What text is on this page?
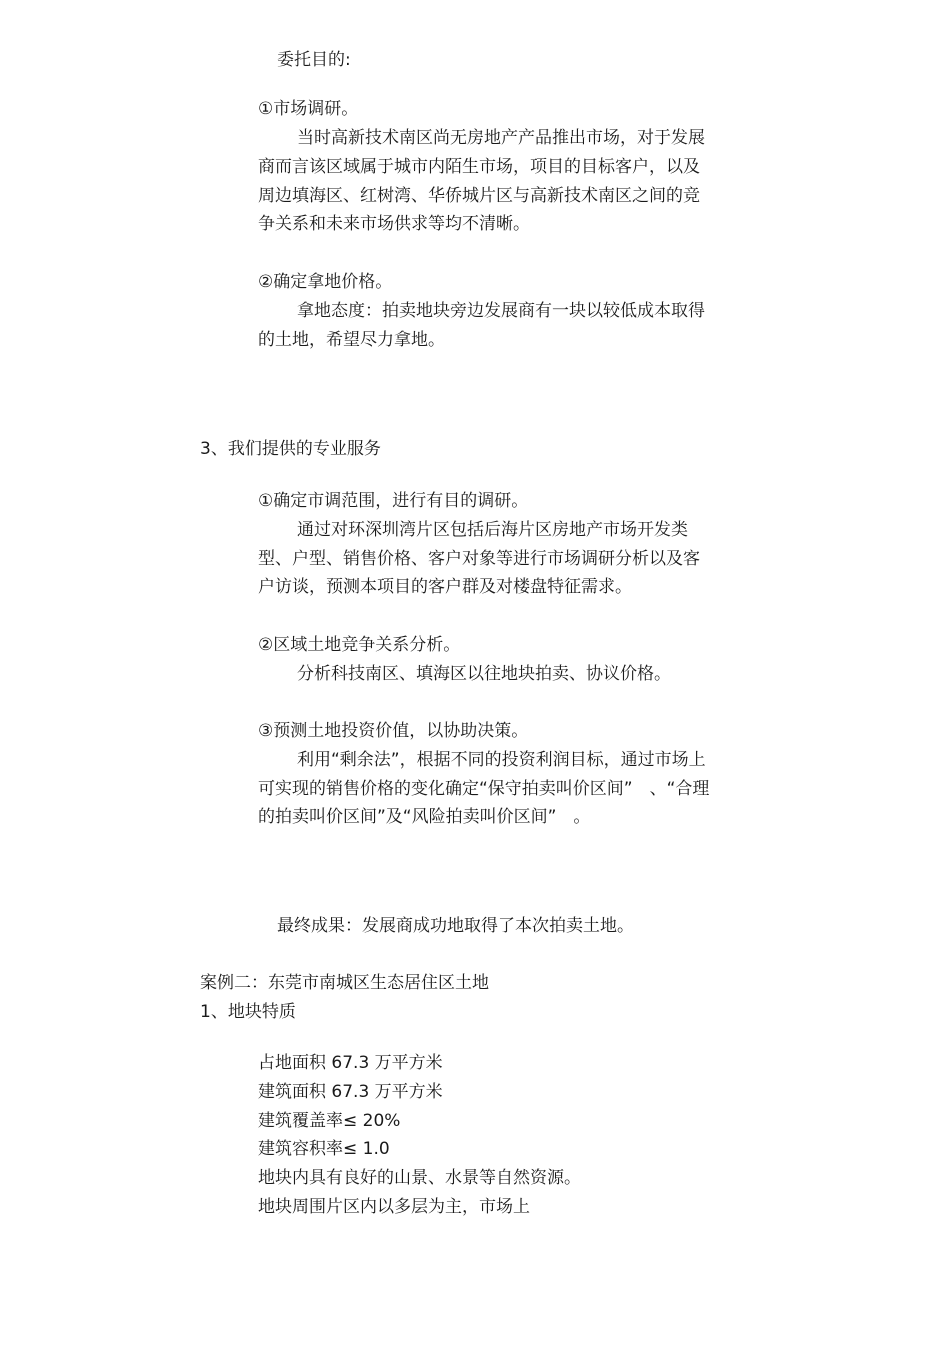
委托目的:

①市场调研。

当时高新技术南区尚无房地产产品推出市场，对于发展

商而言该区域属于城市内陌生市场，项目的目标客户，以及

周边填海区、红树湾、华侨城片区与高新技术南区之间的竞

争关系和未来市场供求等均不清晰。

②确定拿地价格。

拿地态度：拍卖地块旁边发展商有一块以较低成本取得

的土地，希望尽力拿地。

3、我们提供的专业服务

①确定市调范围，进行有目的调研。

通过对环深圳湾片区包括后海片区房地产市场开发类

型、户型、销售价格、客户对象等进行市场调研分析以及客

户访谈，预测本项目的客户群及对楼盘特征需求。

②区域土地竞争关系分析。

分析科技南区、填海区以往地块拍卖、协议价格。

③预测土地投资价值，以协助决策。

利用“剩余法”，根据不同的投资利润目标，通过市场上

可实现的销售价格的变化确定“保守拍卖叫价区间”　、“合理

的拍卖叫价区间”及“风险拍卖叫价区间”　。

最终成果：发展商成功地取得了本次拍卖土地。

案例二：东莞市南城区生态居住区土地

1、地块特质

占地面积 67.3 万平方米

建筑面积 67.3 万平方米

建筑覆盖率≤ 20%

建筑容积率≤ 1.0

地块内具有良好的山景、水景等自然资源。

地块周围片区内以多层为主，市场上
